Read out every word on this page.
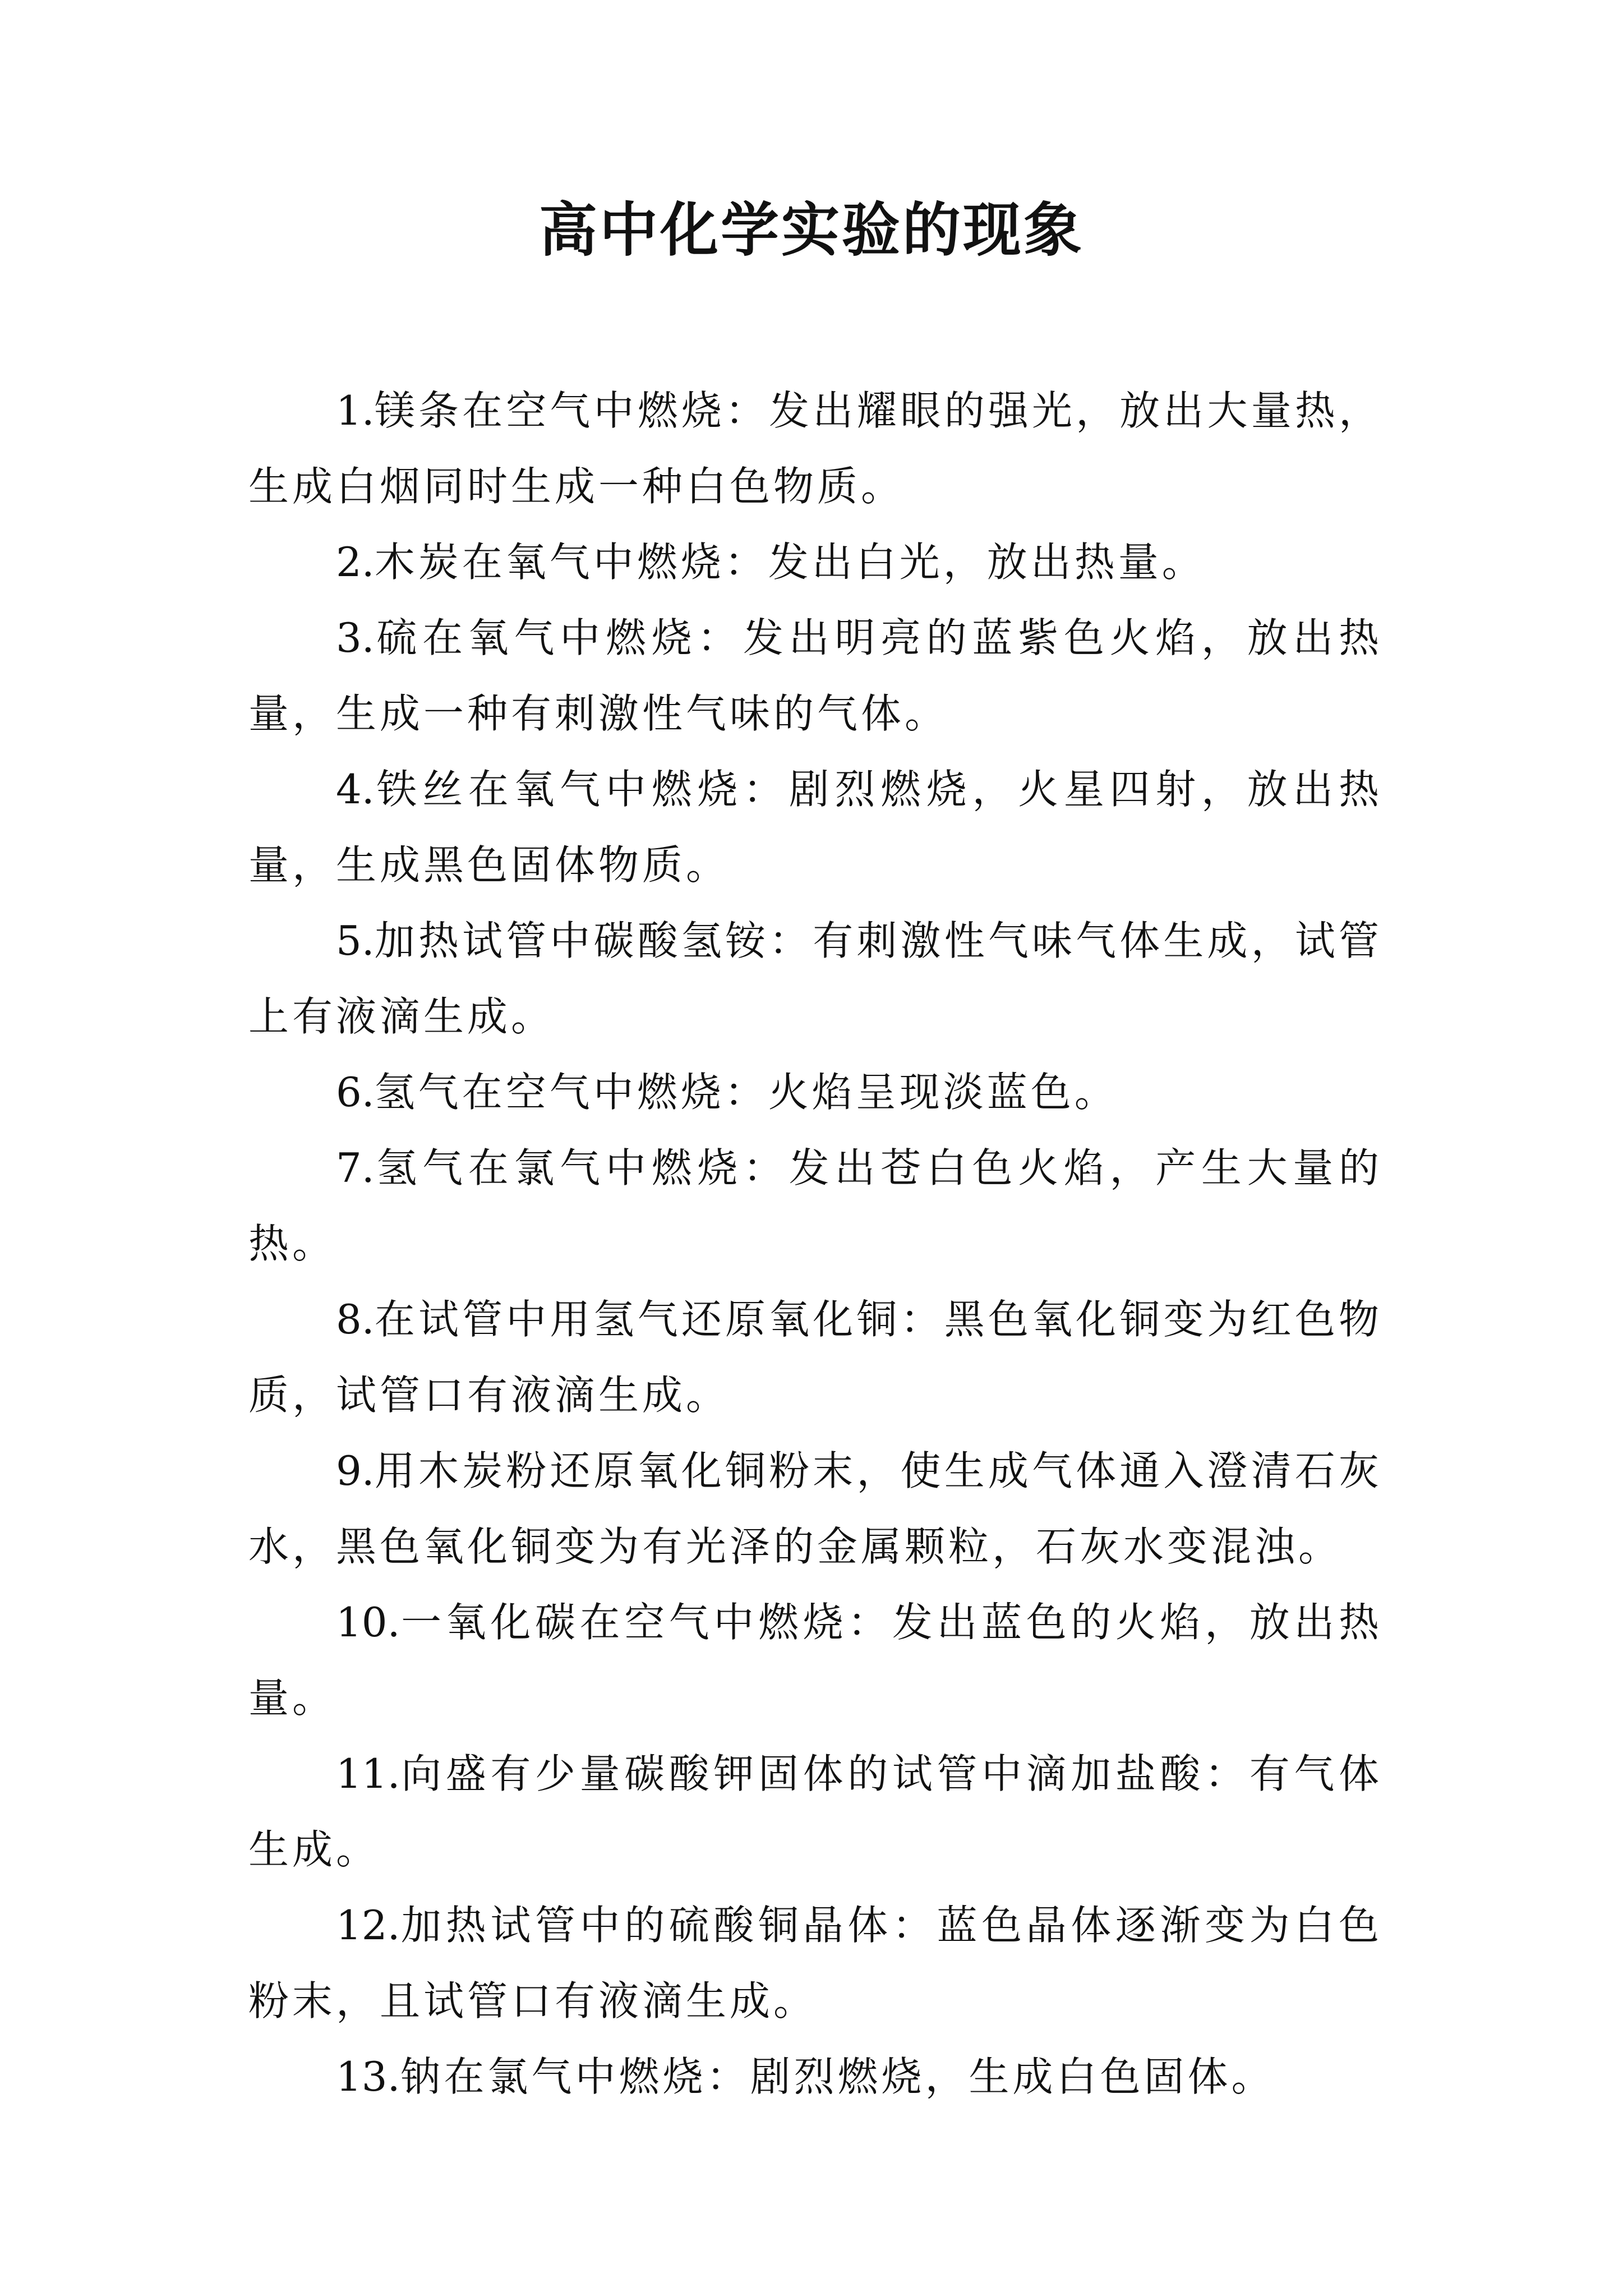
高中化学实验的现象

1.镁条在空气中燃烧：发出耀眼的强光，放出大量热，生成白烟同时生成一种白色物质。

2.木炭在氧气中燃烧：发出白光，放出热量。

3.硫在氧气中燃烧：发出明亮的蓝紫色火焰，放出热量，生成一种有刺激性气味的气体。

4.铁丝在氧气中燃烧：剧烈燃烧，火星四射，放出热量，生成黑色固体物质。

5.加热试管中碳酸氢铵：有刺激性气味气体生成，试管上有液滴生成。

6.氢气在空气中燃烧：火焰呈现淡蓝色。

7.氢气在氯气中燃烧：发出苍白色火焰，产生大量的热。

8.在试管中用氢气还原氧化铜：黑色氧化铜变为红色物质，试管口有液滴生成。

9.用木炭粉还原氧化铜粉末，使生成气体通入澄清石灰水，黑色氧化铜变为有光泽的金属颗粒，石灰水变混浊。

10.一氧化碳在空气中燃烧：发出蓝色的火焰，放出热量。

11.向盛有少量碳酸钾固体的试管中滴加盐酸：有气体生成。

12.加热试管中的硫酸铜晶体：蓝色晶体逐渐变为白色粉末，且试管口有液滴生成。

13.钠在氯气中燃烧：剧烈燃烧，生成白色固体。
